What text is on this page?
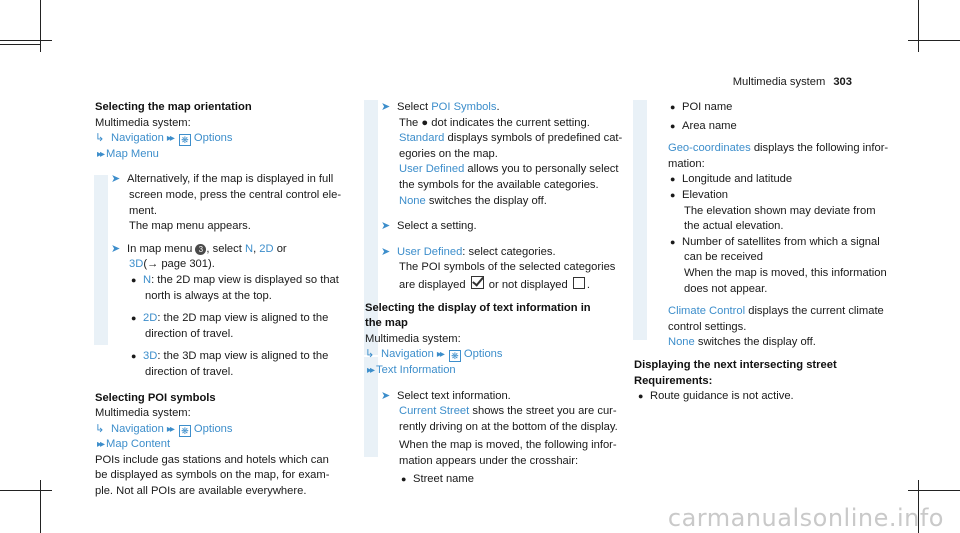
Multimedia system 303
Selecting the map orientation
Multimedia system:
↳ Navigation ▸▸ ❋ Options
▸▸ Map Menu
➤ Alternatively, if the map is displayed in full
screen mode, press the central control ele-
ment.
The map menu appears.
➤ In map menu 3 , select N, 2D or
3D(→ page 301).
● N: the 2D map view is displayed so that
north is always at the top.
● 2D: the 2D map view is aligned to the
direction of travel.
● 3D: the 3D map view is aligned to the
direction of travel.
Selecting POI symbols
Multimedia system:
↳ Navigation ▸▸ ❋ Options
▸▸ Map Content
POIs include gas stations and hotels which can
be displayed as symbols on the map, for exam-
ple. Not all POIs are available everywhere.
➤ Select POI Symbols.
The ● dot indicates the current setting.
Standard displays symbols of predefined cat-
egories on the map.
User Defined allows you to personally select
the symbols for the available categories.
None switches the display off.
➤ Select a setting.
➤ User Defined: select categories.
The POI symbols of the selected categories
are displayed or not displayed .
Selecting the display of text information in
the map
Multimedia system:
↳ Navigation ▸▸ ❋ Options
▸▸ Text Information
➤ Select text information.
Current Street shows the street you are cur-
rently driving on at the bottom of the display.
When the map is moved, the following infor-
mation appears under the crosshair:
● Street name
● POI name
● Area name
Geo-coordinates displays the following infor-
mation:
● Longitude and latitude
● Elevation
The elevation shown may deviate from
the actual elevation.
● Number of satellites from which a signal
can be received
When the map is moved, this information
does not appear.
Climate Control displays the current climate
control settings.
None switches the display off.
Displaying the next intersecting street
Requirements:
● Route guidance is not active.
carmanualsonline.info
